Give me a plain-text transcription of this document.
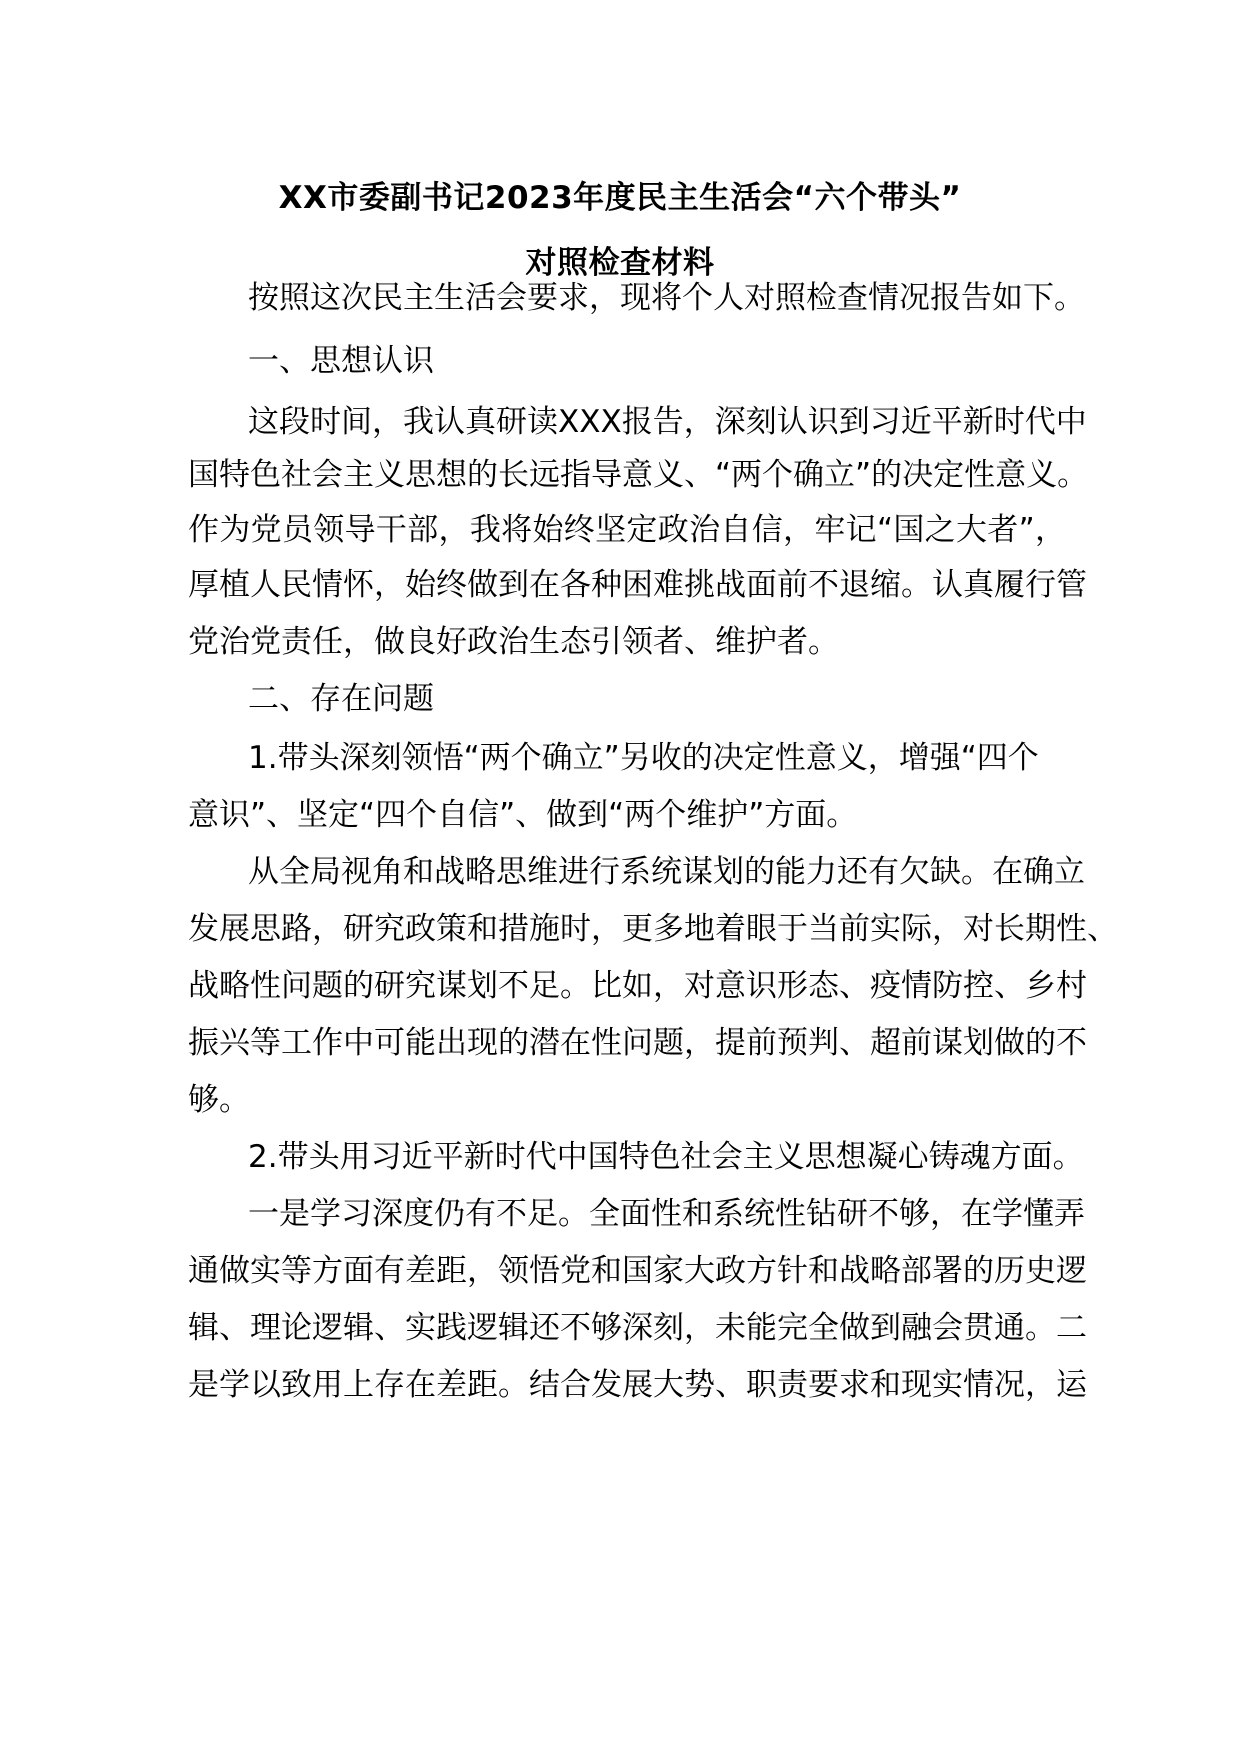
XX市委副书记2023年度民主生活会“六个带头”
对照检查材料
按照这次民主生活会要求，现将个人对照检查情况报告如下。
一、思想认识
这段时间，我认真研读XXX报告，深刻认识到习近平新时代中
国特色社会主义思想的长远指导意义、“两个确立”的决定性意义。
作为党员领导干部，我将始终坚定政治自信，牢记“国之大者”，
厚植人民情怀，始终做到在各种困难挑战面前不退缩。认真履行管
党治党责任，做良好政治生态引领者、维护者。
二、存在问题
1.带头深刻领悟“两个确立”另收的决定性意义，增强“四个
意识”、坚定“四个自信”、做到“两个维护”方面。
从全局视角和战略思维进行系统谋划的能力还有欠缺。在确立
发展思路，研究政策和措施时，更多地着眼于当前实际，对长期性、
战略性问题的研究谋划不足。比如，对意识形态、疫情防控、乡村
振兴等工作中可能出现的潜在性问题，提前预判、超前谋划做的不
够。
2.带头用习近平新时代中国特色社会主义思想凝心铸魂方面。
一是学习深度仍有不足。全面性和系统性钻研不够，在学懂弄
通做实等方面有差距，领悟党和国家大政方针和战略部署的历史逻
辑、理论逻辑、实践逻辑还不够深刻，未能完全做到融会贯通。二
是学以致用上存在差距。结合发展大势、职责要求和现实情况，运
